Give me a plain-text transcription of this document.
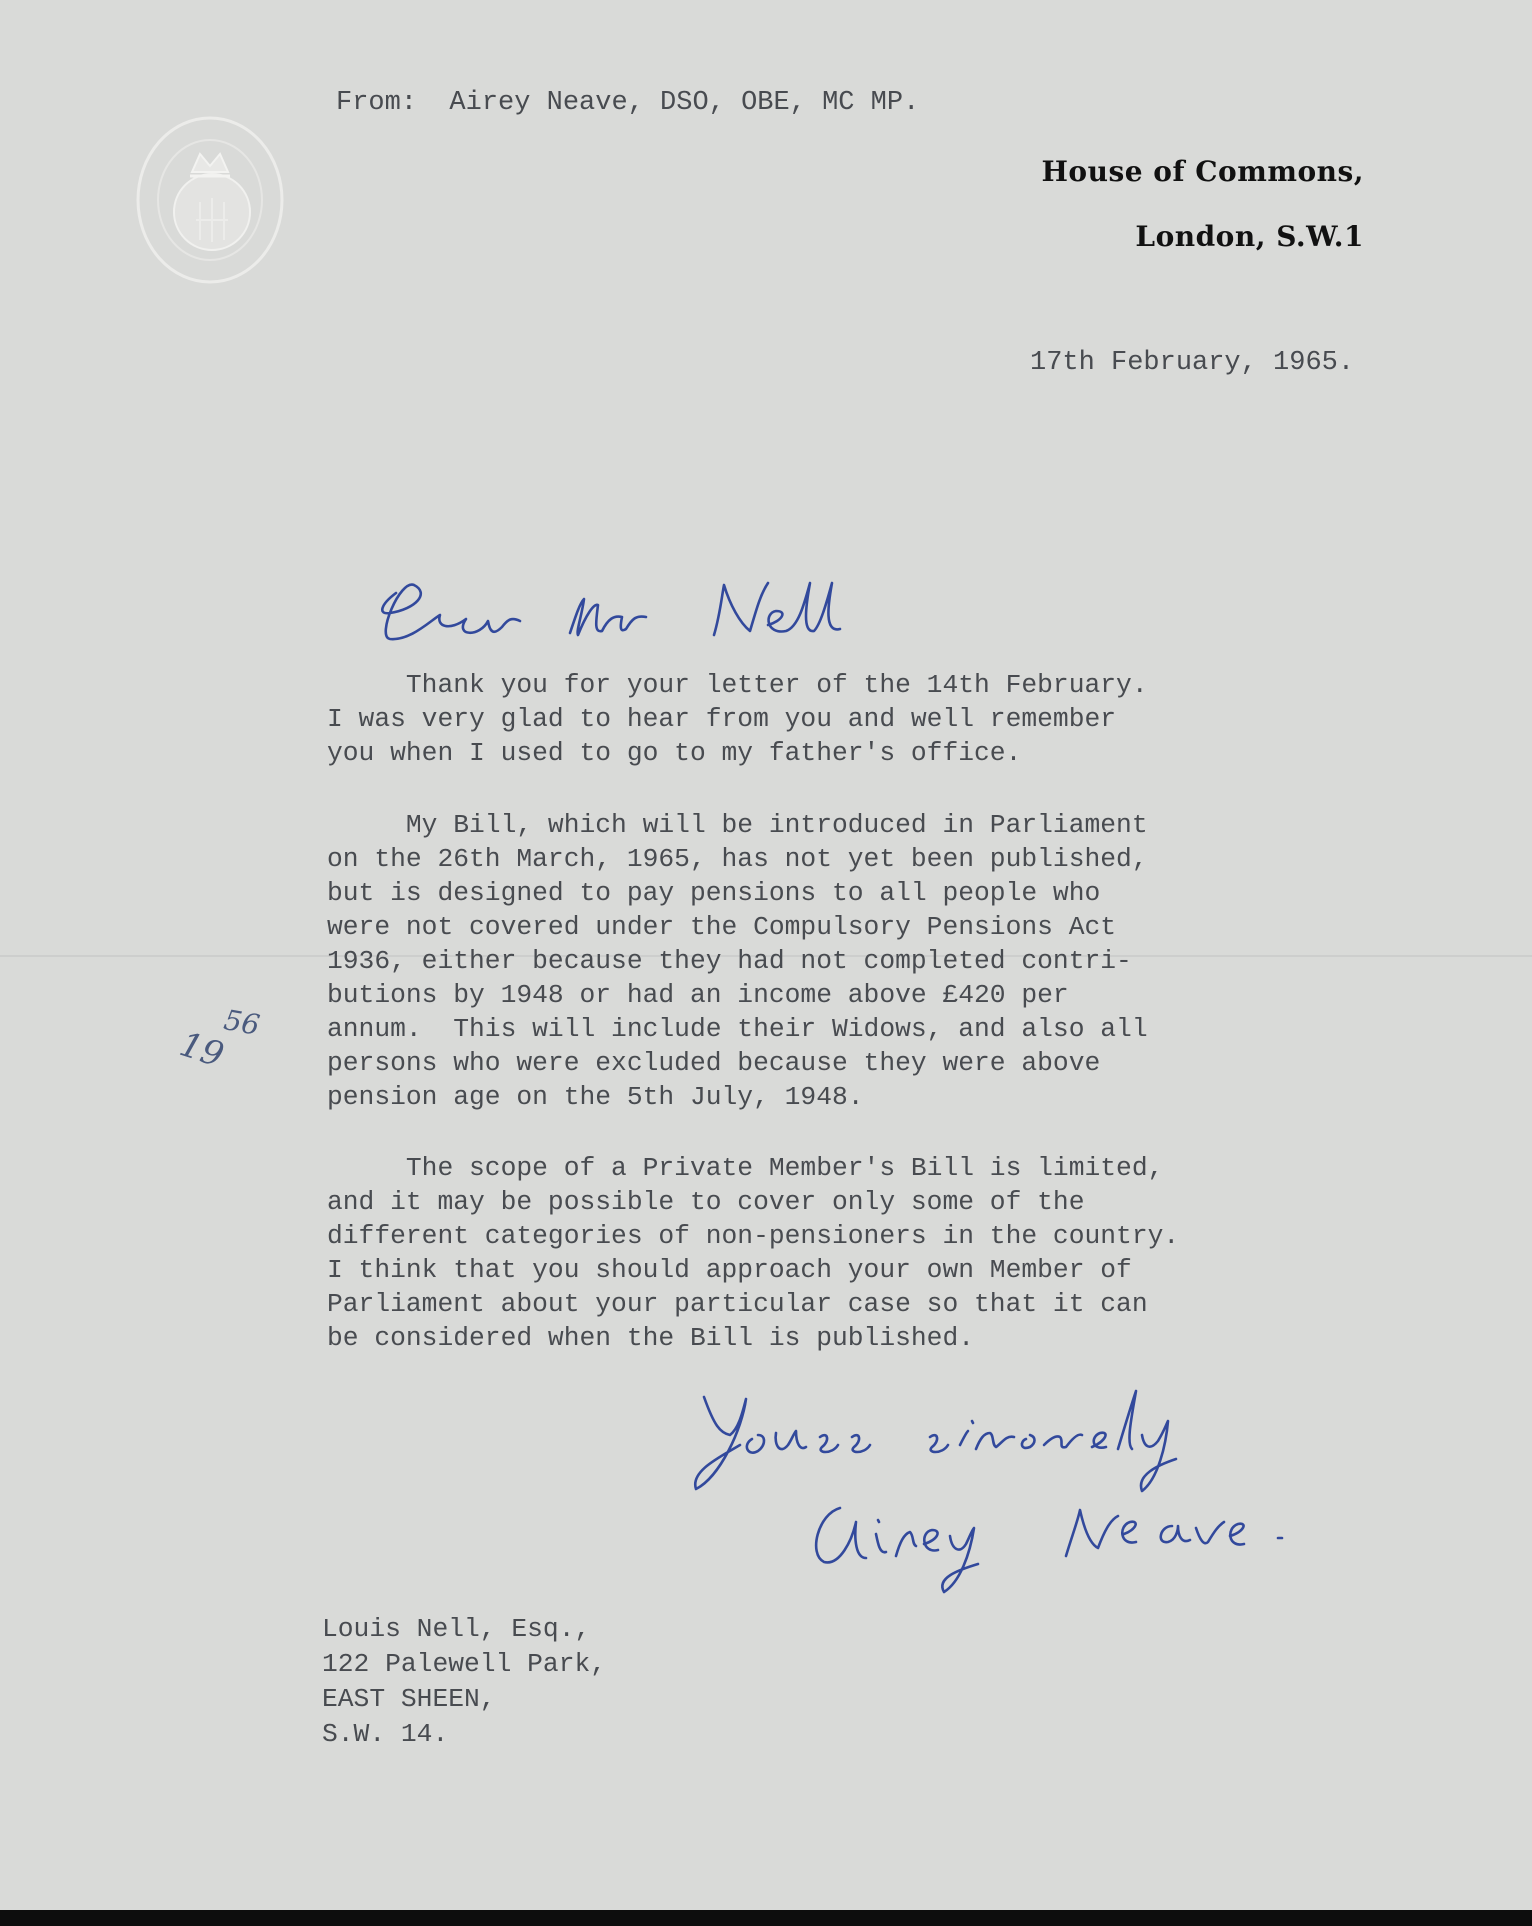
From:  Airey Neave, DSO, OBE, MC MP.

House of Commons,

London, S.W.1

17th February, 1965.

Thank you for your letter of the 14th February.
I was very glad to hear from you and well remember
you when I used to go to my father's office.

My Bill, which will be introduced in Parliament
on the 26th March, 1965, has not yet been published,
but is designed to pay pensions to all people who
were not covered under the Compulsory Pensions Act
1936, either because they had not completed contri-
butions by 1948 or had an income above £420 per
annum.  This will include their Widows, and also all
persons who were excluded because they were above
pension age on the 5th July, 1948.

The scope of a Private Member's Bill is limited,
and it may be possible to cover only some of the
different categories of non-pensioners in the country.
I think that you should approach your own Member of
Parliament about your particular case so that it can
be considered when the Bill is published.

19

56

Louis Nell, Esq.,
122 Palewell Park,
EAST SHEEN,
S.W. 14.
